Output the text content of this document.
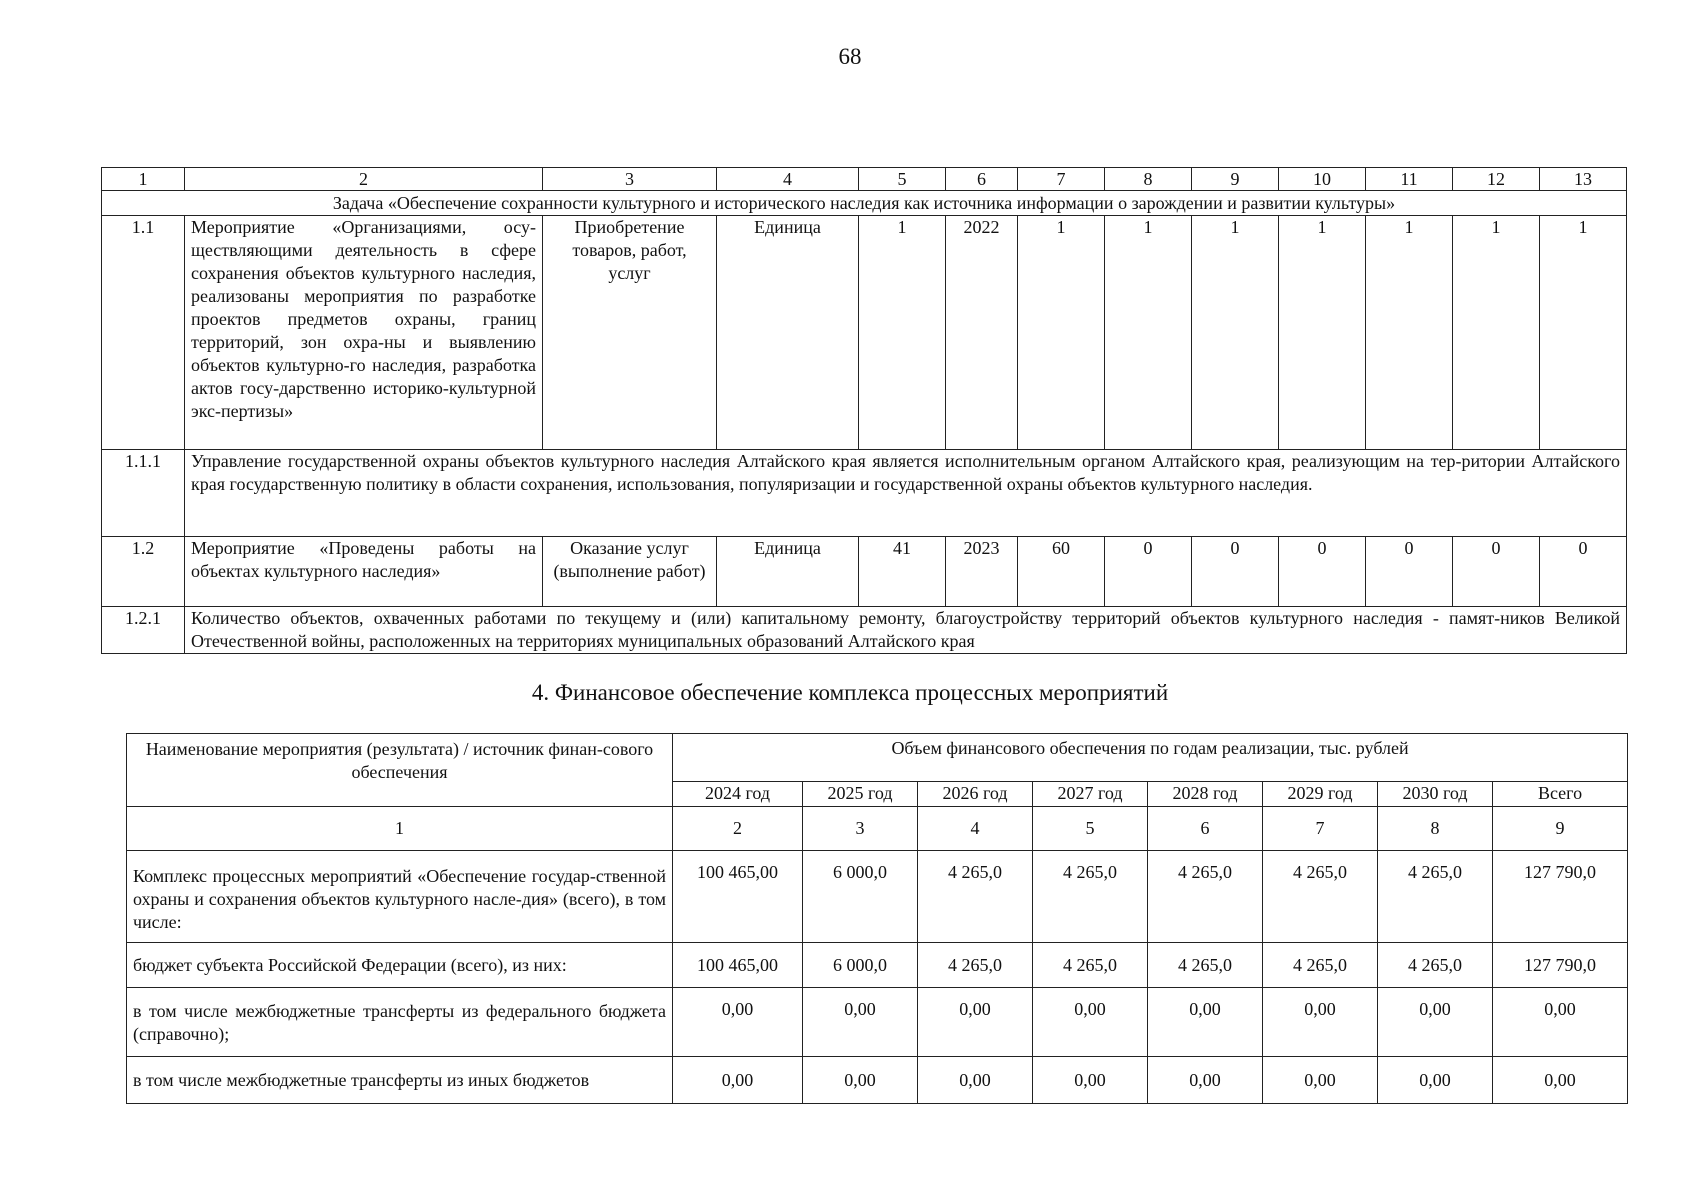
68
1	2	3	4	5	6	7	8	9	10	11	12	13
Задача «Обеспечение сохранности культурного и исторического наследия как источника информации о зарождении и развитии культуры»												
1.1	Мероприятие «Организациями, осу-ществляющими деятельность в сфере сохранения объектов культурного наследия, реализованы мероприятия по разработке проектов предметов охраны, границ территорий, зон охра-ны и выявлению объектов культурно-го наследия, разработка актов госу-дарственно историко-культурной экс-пертизы»	Приобретение товаров, работ, услуг	Единица	1	2022	1	1	1	1	1	1	1
1.1.1	Управление государственной охраны объектов культурного наследия Алтайского края является исполнительным органом Алтайского края, реализующим на тер-ритории Алтайского края государственную политику в области сохранения, использования, популяризации и государственной охраны объектов культурного наследия.											
1.2	Мероприятие «Проведены работы на объектах культурного наследия»	Оказание услуг (выполнение работ)	Единица	41	2023	60	0	0	0	0	0	0
1.2.1	Количество объектов, охваченных работами по текущему и (или) капитальному ремонту, благоустройству территорий объектов культурного наследия - памят-ников Великой Отечественной войны, расположенных на территориях муниципальных образований Алтайского края											
4. Финансовое обеспечение комплекса процессных мероприятий
Наименование мероприятия (результата) / источник финан-сового обеспечения	Объем финансового обеспечения по годам реализации, тыс. рублей							
	2024 год	2025 год	2026 год	2027 год	2028 год	2029 год	2030 год	Всего
1	2	3	4	5	6	7	8	9
Комплекс процессных мероприятий «Обеспечение государ-ственной охраны и сохранения объектов культурного насле-дия» (всего), в том числе:	100 465,00	6 000,0	4 265,0	4 265,0	4 265,0	4 265,0	4 265,0	127 790,0
бюджет субъекта Российской Федерации (всего), из них:	100 465,00	6 000,0	4 265,0	4 265,0	4 265,0	4 265,0	4 265,0	127 790,0
в том числе межбюджетные трансферты из федерального бюджета (справочно);	0,00	0,00	0,00	0,00	0,00	0,00	0,00	0,00
в том числе межбюджетные трансферты из иных бюджетов	0,00	0,00	0,00	0,00	0,00	0,00	0,00	0,00
